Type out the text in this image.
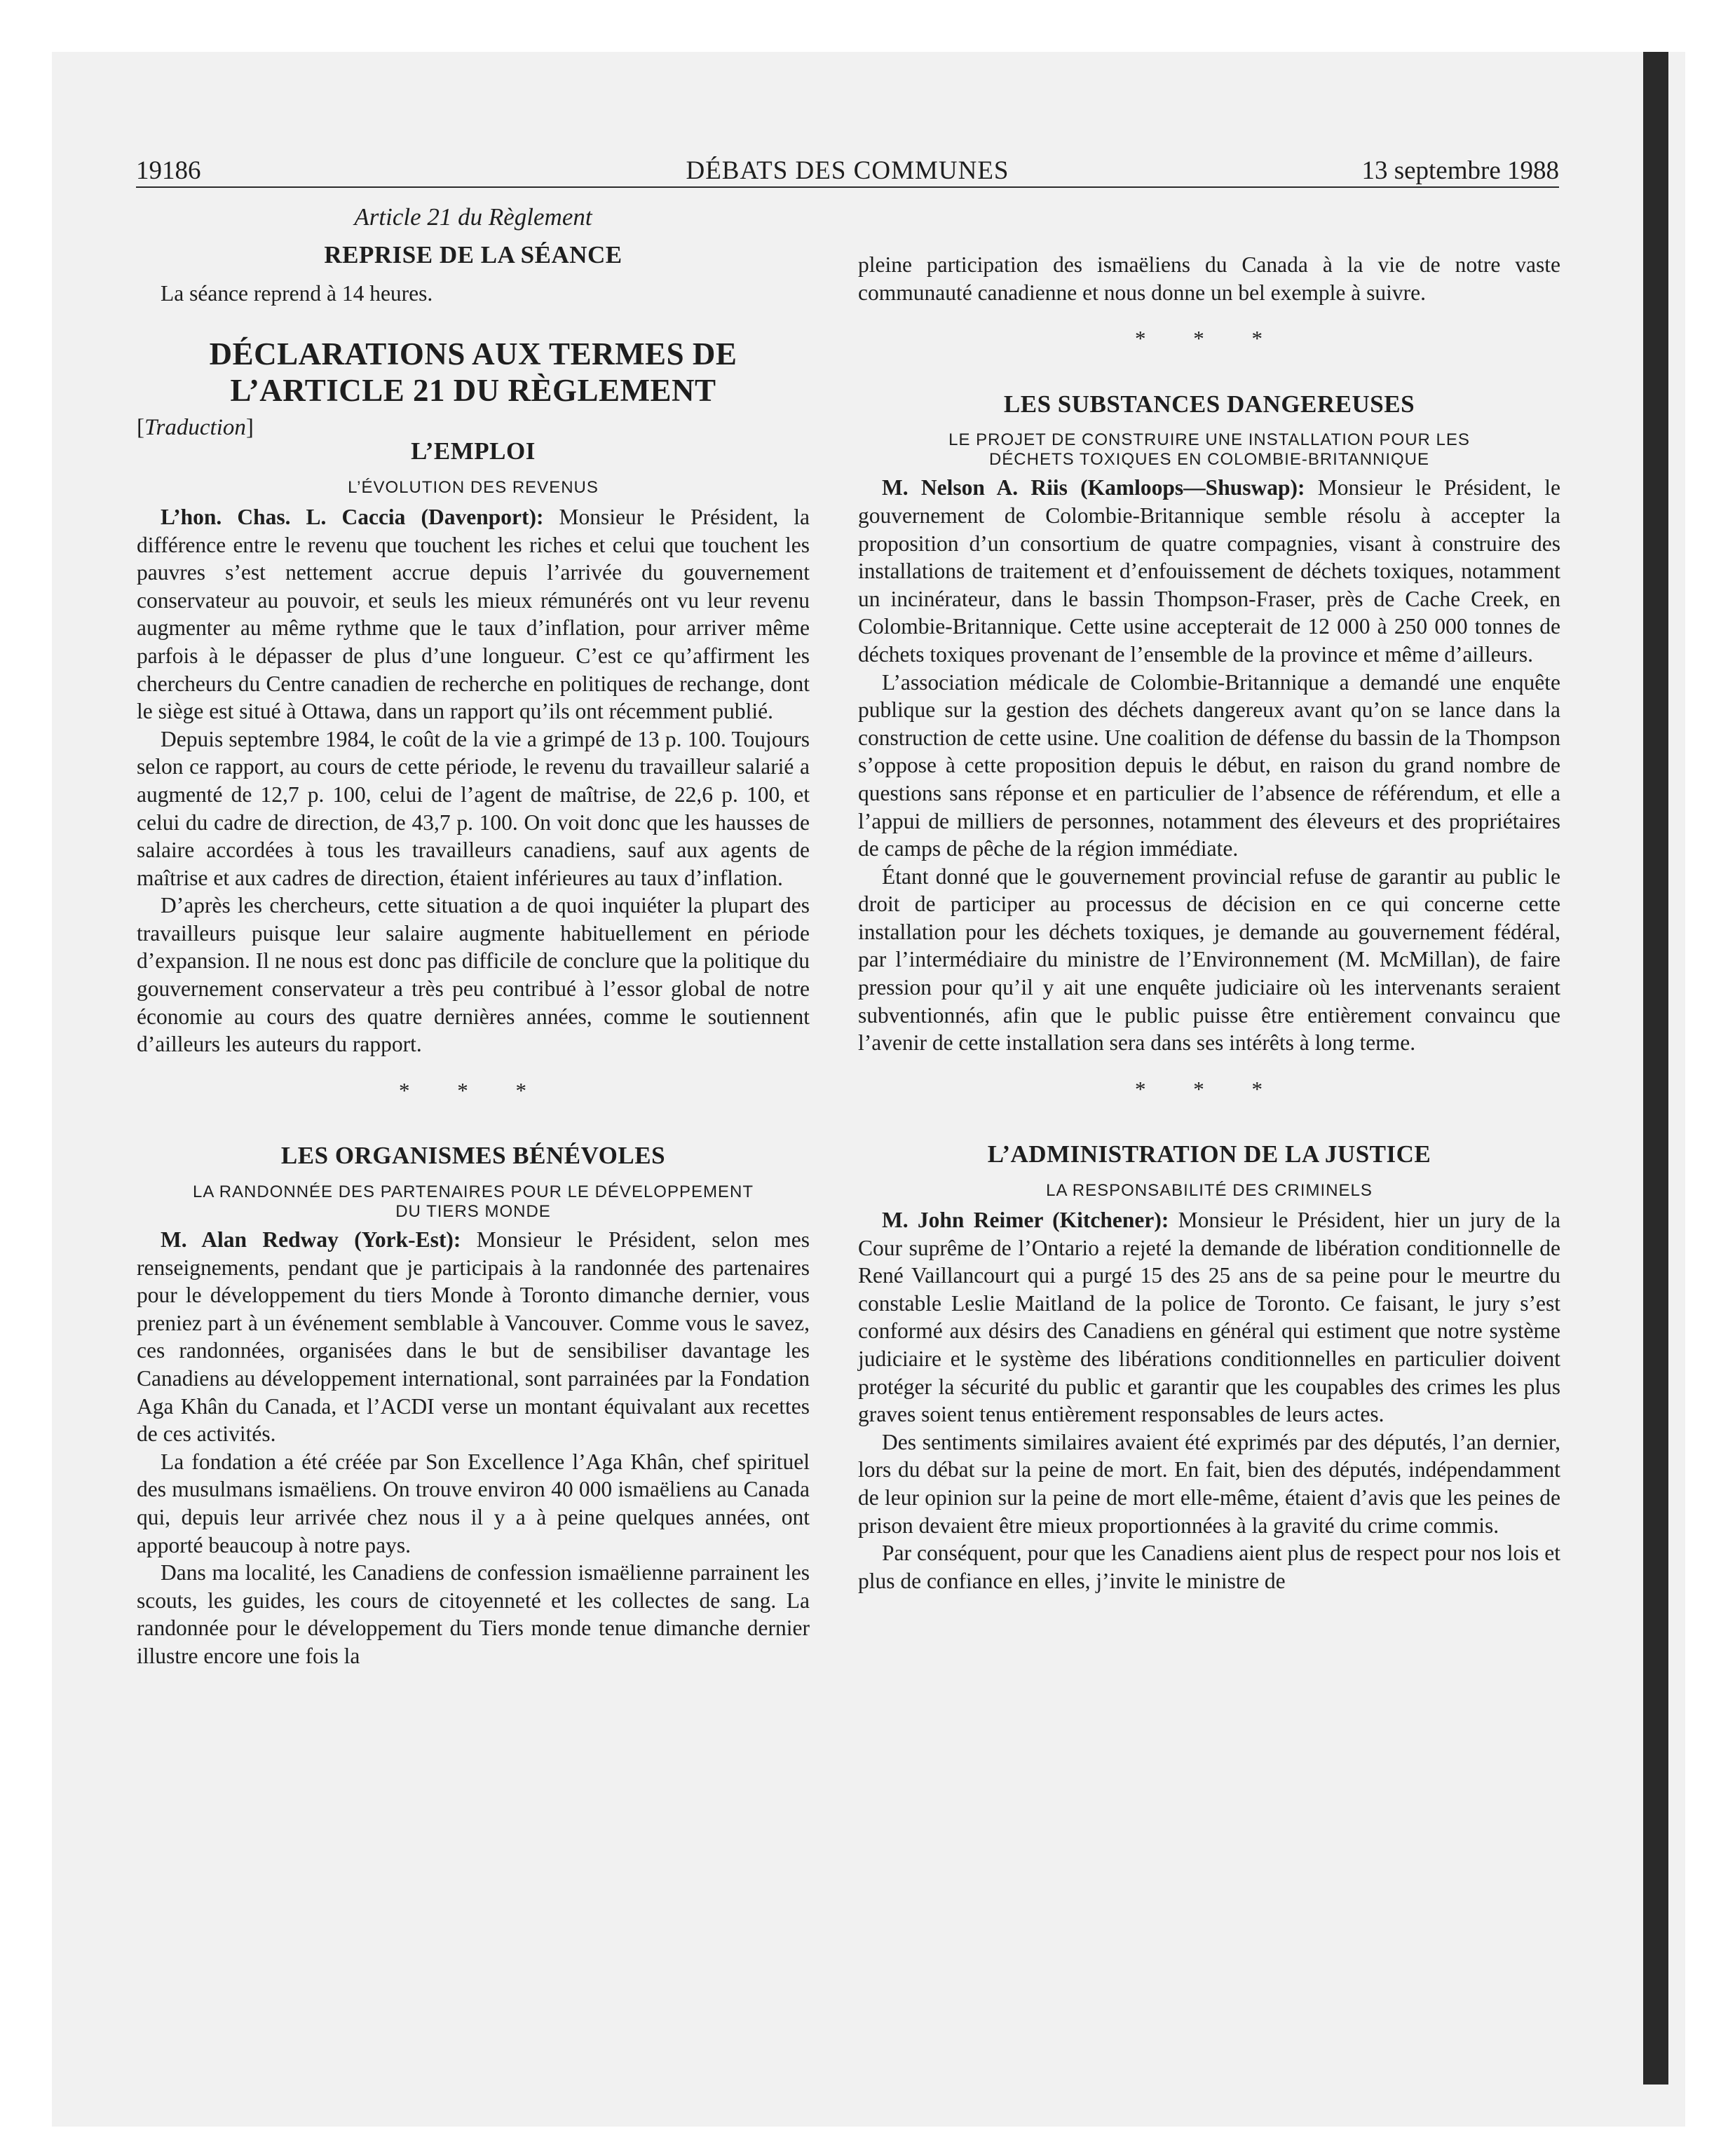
19186	DÉBATS DES COMMUNES	13 septembre 1988
Article 21 du Règlement
REPRISE DE LA SÉANCE

La séance reprend à 14 heures.

DÉCLARATIONS AUX TERMES DE
L’ARTICLE 21 DU RÈGLEMENT
[Traduction]
L’EMPLOI
L’ÉVOLUTION DES REVENUS

L’hon. Chas. L. Caccia (Davenport): Monsieur le Président, la différence entre le revenu que touchent les riches et celui que touchent les pauvres s’est nettement accrue depuis l’arrivée du gouvernement conservateur au pouvoir, et seuls les mieux rémunérés ont vu leur revenu augmenter au même rythme que le taux d’inflation, pour arriver même parfois à le dépasser de plus d’une longueur. C’est ce qu’affirment les chercheurs du Centre canadien de recherche en politiques de rechange, dont le siège est situé à Ottawa, dans un rapport qu’ils ont récemment publié.

Depuis septembre 1984, le coût de la vie a grimpé de 13 p. 100. Toujours selon ce rapport, au cours de cette période, le revenu du travailleur salarié a augmenté de 12,7 p. 100, celui de l’agent de maîtrise, de 22,6 p. 100, et celui du cadre de direction, de 43,7 p. 100. On voit donc que les hausses de salaire accordées à tous les travailleurs canadiens, sauf aux agents de maîtrise et aux cadres de direction, étaient inférieures au taux d’inflation.

D’après les chercheurs, cette situation a de quoi inquiéter la plupart des travailleurs puisque leur salaire augmente habituellement en période d’expansion. Il ne nous est donc pas difficile de conclure que la politique du gouvernement conservateur a très peu contribué à l’essor global de notre économie au cours des quatre dernières années, comme le soutiennent d’ailleurs les auteurs du rapport.

* * *
LES ORGANISMES BÉNÉVOLES
LA RANDONNÉE DES PARTENAIRES POUR LE DÉVELOPPEMENT
DU TIERS MONDE

M. Alan Redway (York-Est): Monsieur le Président, selon mes renseignements, pendant que je participais à la randonnée des partenaires pour le développement du tiers Monde à Toronto dimanche dernier, vous preniez part à un événement semblable à Vancouver. Comme vous le savez, ces randonnées, organisées dans le but de sensibiliser davantage les Canadiens au développement international, sont parrainées par la Fondation Aga Khân du Canada, et l’ACDI verse un montant équivalant aux recettes de ces activités.

La fondation a été créée par Son Excellence l’Aga Khân, chef spirituel des musulmans ismaëliens. On trouve environ 40 000 ismaëliens au Canada qui, depuis leur arrivée chez nous il y a à peine quelques années, ont apporté beaucoup à notre pays.

Dans ma localité, les Canadiens de confession ismaëlienne parrainent les scouts, les guides, les cours de citoyenneté et les collectes de sang. La randonnée pour le développement du Tiers monde tenue dimanche dernier illustre encore une fois la

pleine participation des ismaëliens du Canada à la vie de notre vaste communauté canadienne et nous donne un bel exemple à suivre.

* * *
LES SUBSTANCES DANGEREUSES
LE PROJET DE CONSTRUIRE UNE INSTALLATION POUR LES
DÉCHETS TOXIQUES EN COLOMBIE-BRITANNIQUE

M. Nelson A. Riis (Kamloops—Shuswap): Monsieur le Président, le gouvernement de Colombie-Britannique semble résolu à accepter la proposition d’un consortium de quatre compagnies, visant à construire des installations de traitement et d’enfouissement de déchets toxiques, notamment un incinérateur, dans le bassin Thompson-Fraser, près de Cache Creek, en Colombie-Britannique. Cette usine accepterait de 12 000 à 250 000 tonnes de déchets toxiques provenant de l’ensemble de la province et même d’ailleurs.

L’association médicale de Colombie-Britannique a demandé une enquête publique sur la gestion des déchets dangereux avant qu’on se lance dans la construction de cette usine. Une coalition de défense du bassin de la Thompson s’oppose à cette proposition depuis le début, en raison du grand nombre de questions sans réponse et en particulier de l’absence de référendum, et elle a l’appui de milliers de personnes, notamment des éleveurs et des propriétaires de camps de pêche de la région immédiate.

Étant donné que le gouvernement provincial refuse de garantir au public le droit de participer au processus de décision en ce qui concerne cette installation pour les déchets toxiques, je demande au gouvernement fédéral, par l’intermédiaire du ministre de l’Environnement (M. McMillan), de faire pression pour qu’il y ait une enquête judiciaire où les intervenants seraient subventionnés, afin que le public puisse être entièrement convaincu que l’avenir de cette installation sera dans ses intérêts à long terme.

* * *
L’ADMINISTRATION DE LA JUSTICE
LA RESPONSABILITÉ DES CRIMINELS

M. John Reimer (Kitchener): Monsieur le Président, hier un jury de la Cour suprême de l’Ontario a rejeté la demande de libération conditionnelle de René Vaillancourt qui a purgé 15 des 25 ans de sa peine pour le meurtre du constable Leslie Maitland de la police de Toronto. Ce faisant, le jury s’est conformé aux désirs des Canadiens en général qui estiment que notre système judiciaire et le système des libérations conditionnelles en particulier doivent protéger la sécurité du public et garantir que les coupables des crimes les plus graves soient tenus entièrement responsables de leurs actes.

Des sentiments similaires avaient été exprimés par des députés, l’an dernier, lors du débat sur la peine de mort. En fait, bien des députés, indépendamment de leur opinion sur la peine de mort elle-même, étaient d’avis que les peines de prison devaient être mieux proportionnées à la gravité du crime commis.

Par conséquent, pour que les Canadiens aient plus de respect pour nos lois et plus de confiance en elles, j’invite le ministre de
